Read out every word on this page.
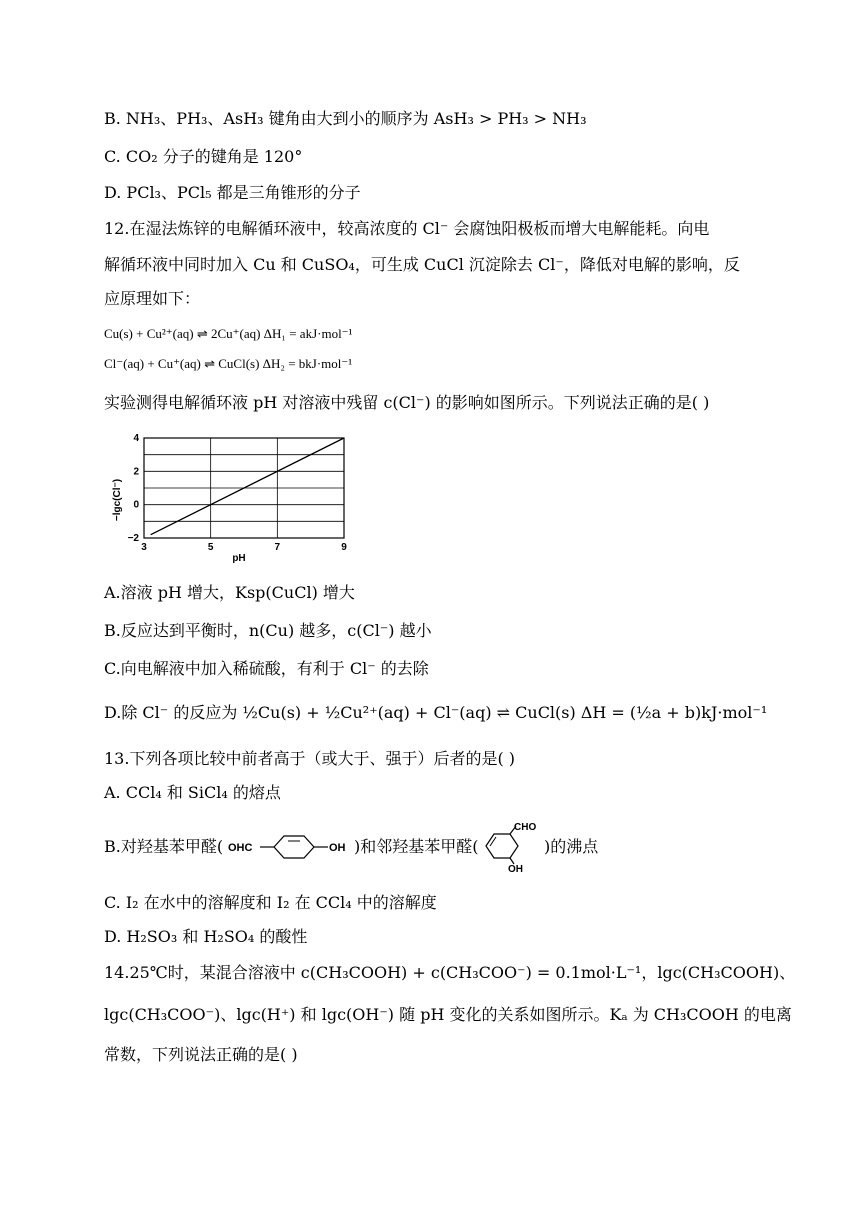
B. NH₃、PH₃、AsH₃ 键角由大到小的顺序为 AsH₃ > PH₃ > NH₃
C. CO₂ 分子的键角是 120°
D. PCl₃、PCl₅ 都是三角锥形的分子
12.在湿法炼锌的电解循环液中，较高浓度的 Cl⁻ 会腐蚀阳极板而增大电解能耗。向电
解循环液中同时加入 Cu 和 CuSO₄，可生成 CuCl 沉淀除去 Cl⁻，降低对电解的影响，反
应原理如下：
Cu(s) + Cu²⁺(aq) ⇌ 2Cu⁺(aq) ΔH₁ = akJ·mol⁻¹
Cl⁻(aq) + Cu⁺(aq) ⇌ CuCl(s) ΔH₂ = bkJ·mol⁻¹
实验测得电解循环液 pH 对溶液中残留 c(Cl⁻) 的影响如图所示。下列说法正确的是( )
4
2
0
−2
3	5	7	9
−lgc(Cl⁻)
pH
A.溶液 pH 增大，Ksp(CuCl) 增大
B.反应达到平衡时，n(Cu) 越多，c(Cl⁻) 越小
C.向电解液中加入稀硫酸，有利于 Cl⁻ 的去除
D.除 Cl⁻ 的反应为 ½Cu(s) + ½Cu²⁺(aq) + Cl⁻(aq) ⇌ CuCl(s) ΔH = (½a + b)kJ·mol⁻¹
13.下列各项比较中前者高于（或大于、强于）后者的是( )
A. CCl₄ 和 SiCl₄ 的熔点
B.对羟基苯甲醛( OHC	OH )和邻羟基苯甲醛(
CHO
OH
)的沸点
C. I₂ 在水中的溶解度和 I₂ 在 CCl₄ 中的溶解度
D. H₂SO₃ 和 H₂SO₄ 的酸性
14.25℃时，某混合溶液中 c(CH₃COOH) + c(CH₃COO⁻) = 0.1mol·L⁻¹，lgc(CH₃COOH)、
lgc(CH₃COO⁻)、lgc(H⁺) 和 lgc(OH⁻) 随 pH 变化的关系如图所示。Kₐ 为 CH₃COOH 的电离
常数，下列说法正确的是( )
